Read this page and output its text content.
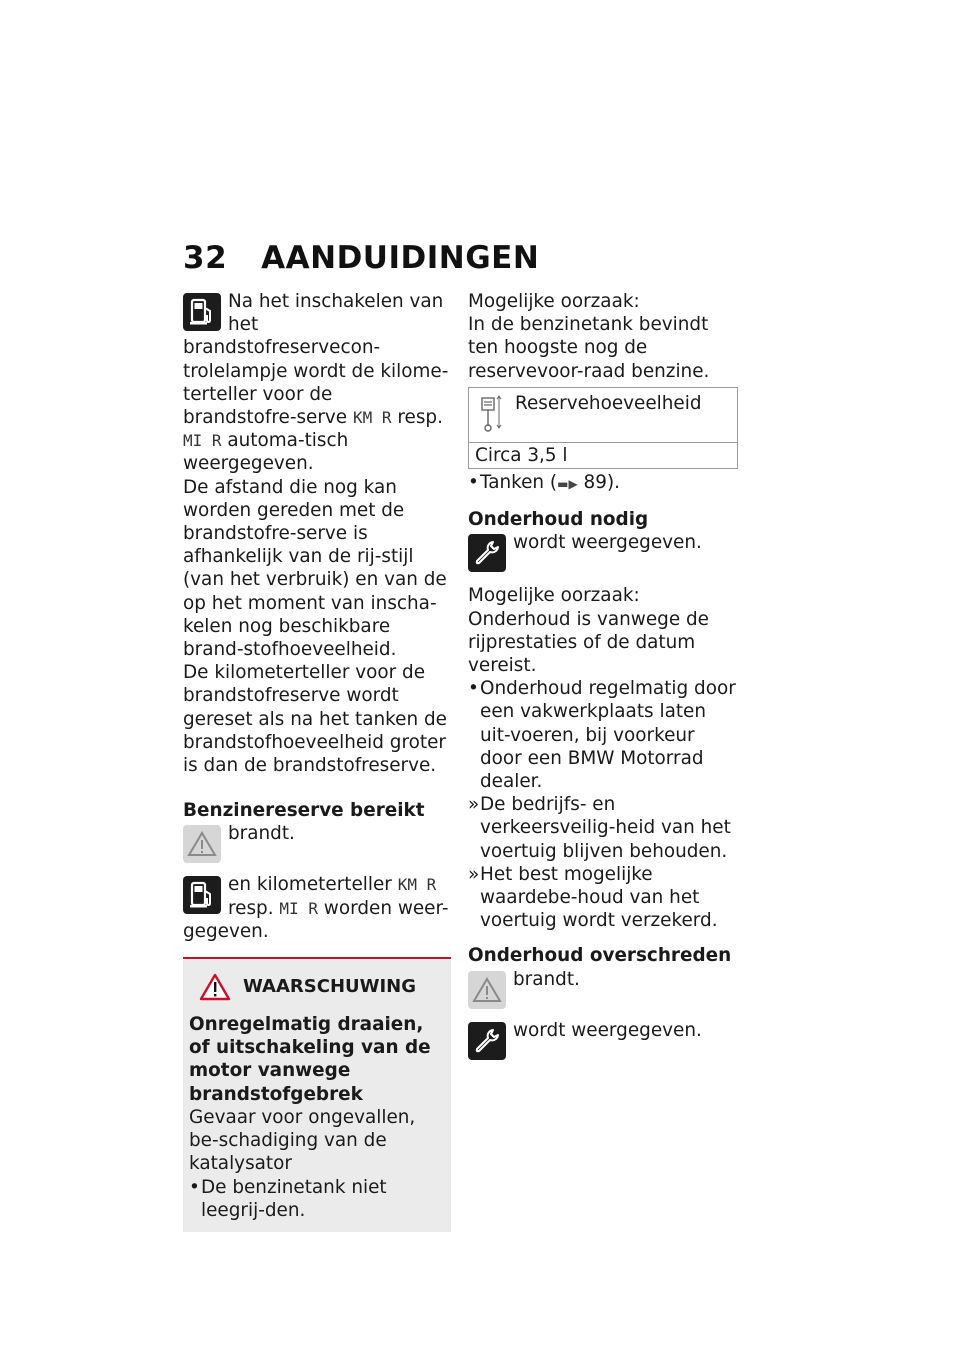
32 AANDUIDINGEN

Na het inschakelen van het brandstofreservecon-trolelampje wordt de kilome-terteller voor de brandstofre-serve KM R resp. MI R automa-tisch weergegeven.

De afstand die nog kan worden gereden met de brandstofre-serve is afhankelijk van de rij-stijl (van het verbruik) en van de op het moment van inscha-kelen nog beschikbare brand-stofhoeveelheid.

De kilometerteller voor de brandstofreserve wordt gereset als na het tanken de brandstofhoeveelheid groter is dan de brandstofreserve.

Benzinereserve bereikt

brandt.

en kilometerteller KM R resp. MI R worden weer-gegeven.

WAARSCHUWING

Onregelmatig draaien, of uitschakeling van de motor vanwege brandstofgebrek

Gevaar voor ongevallen, be-schadiging van de katalysator

• De benzinetank niet leegrij-den.

Mogelijke oorzaak:

In de benzinetank bevindt ten hoogste nog de reservevoor-raad benzine.

Reservehoeveelheid
Circa 3,5 l

• Tanken (▬▶ 89).

Onderhoud nodig

wordt weergegeven.

Mogelijke oorzaak:

Onderhoud is vanwege de rijprestaties of de datum vereist.

• Onderhoud regelmatig door een vakwerkplaats laten uit-voeren, bij voorkeur door een BMW Motorrad dealer.

» De bedrijfs- en verkeersveilig-heid van het voertuig blijven behouden.

» Het best mogelijke waardebe-houd van het voertuig wordt verzekerd.

Onderhoud overschreden

brandt.

wordt weergegeven.
